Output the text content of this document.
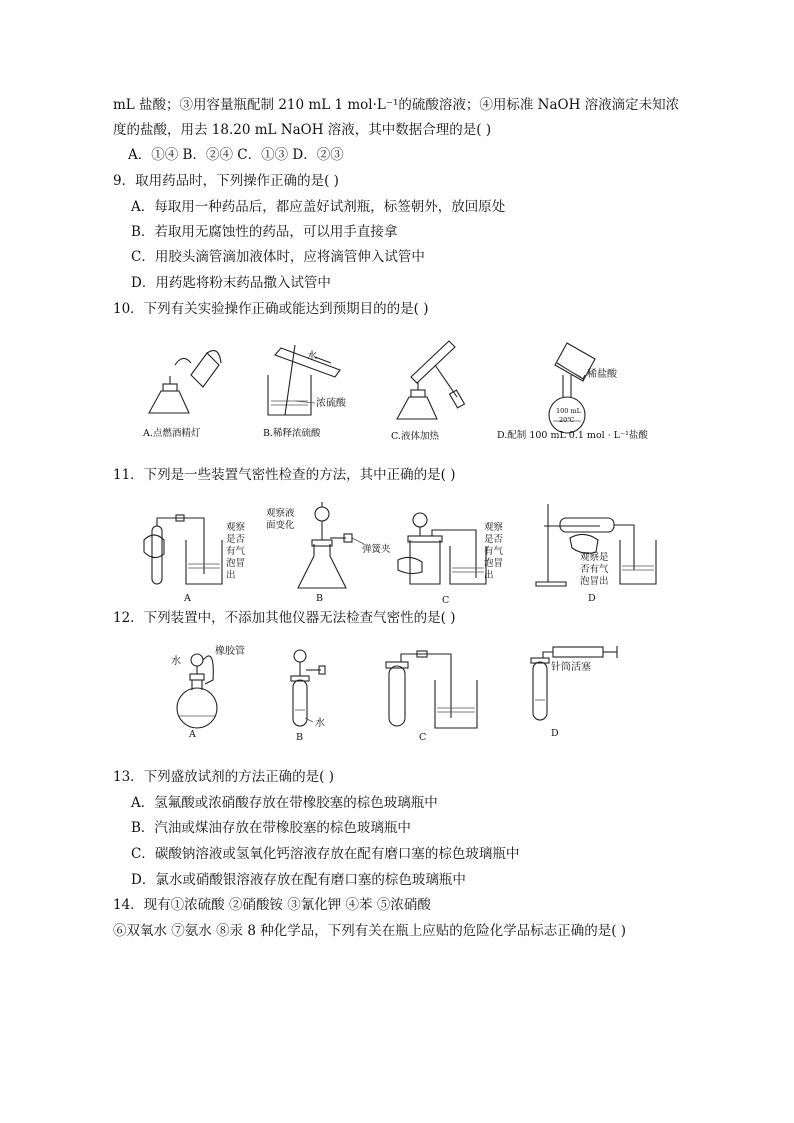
mL 盐酸；③用容量瓶配制 210 mL 1 mol·L⁻¹的硫酸溶液；④用标准 NaOH 溶液滴定未知浓
度的盐酸，用去 18.20 mL NaOH 溶液，其中数据合理的是( )
A．①④ B．②④ C．①③ D．②③
9．取用药品时，下列操作正确的是( )
A．每取用一种药品后，都应盖好试剂瓶，标签朝外，放回原处
B．若取用无腐蚀性的药品，可以用手直接拿
C．用胶头滴管滴加液体时，应将滴管伸入试管中
D．用药匙将粉末药品撒入试管中
10．下列有关实验操作正确或能达到预期目的的是( )
A.点燃酒精灯
水
浓硫酸
B.稀释浓硫酸	C.液体加热
100 mL
20℃
稀盐酸
D.配制 100 mL 0.1 mol · L⁻¹盐酸
11．下列是一些装置气密性检查的方法，其中正确的是( )
观察 是否 有气 泡冒 出
A
弹簧夹
观察液 面变化
B
观察 是否 有气 泡冒 出
C
观察是 否有气 泡冒出
D
12．下列装置中，不添加其他仪器无法检查气密性的是( )
水
橡胶管
A
水
B	C
针筒活塞
D
13．下列盛放试剂的方法正确的是( )
A．氢氟酸或浓硝酸存放在带橡胶塞的棕色玻璃瓶中
B．汽油或煤油存放在带橡胶塞的棕色玻璃瓶中
C．碳酸钠溶液或氢氧化钙溶液存放在配有磨口塞的棕色玻璃瓶中
D．氯水或硝酸银溶液存放在配有磨口塞的棕色玻璃瓶中
14．现有①浓硫酸 ②硝酸铵 ③氰化钾 ④苯 ⑤浓硝酸
⑥双氧水 ⑦氨水 ⑧汞 8 种化学品，下列有关在瓶上应贴的危险化学品标志正确的是( )
